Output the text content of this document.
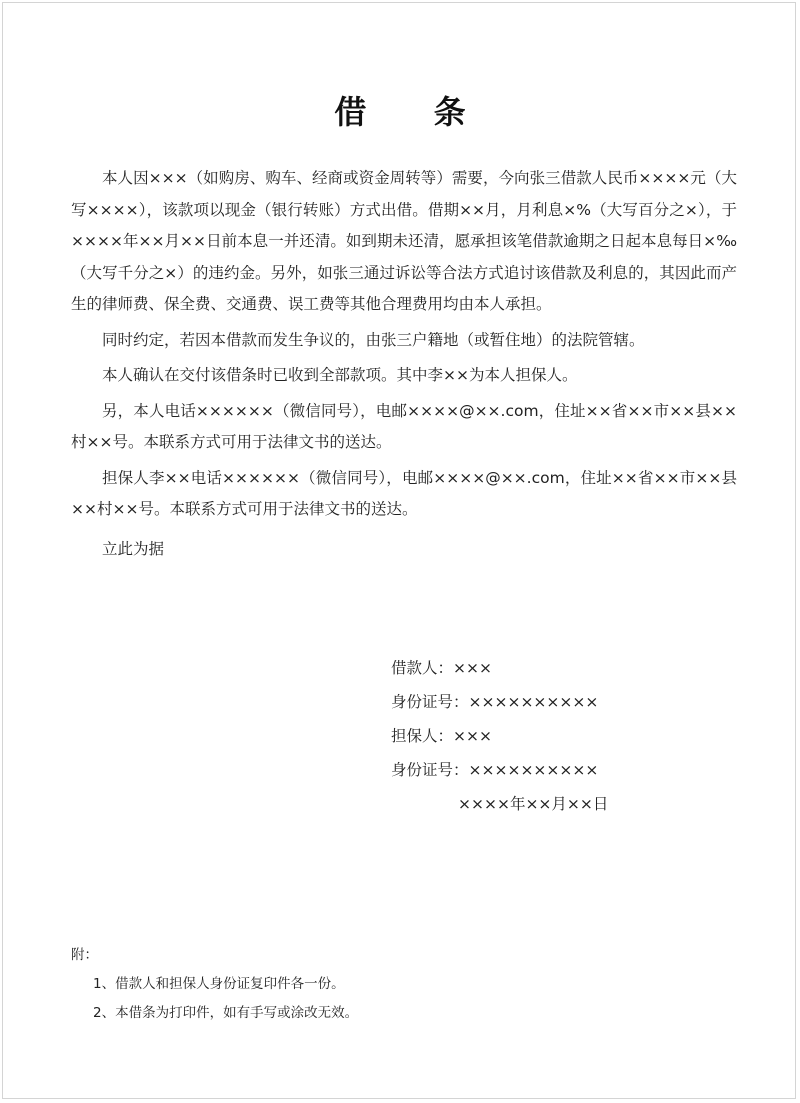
借 条

本人因×××（如购房、购车、经商或资金周转等）需要，今向张三借款人民币××××元（大写××××），该款项以现金（银行转账）方式出借。借期××月，月利息×%（大写百分之×），于××××年××月××日前本息一并还清。如到期未还清，愿承担该笔借款逾期之日起本息每日×‰（大写千分之×）的违约金。另外，如张三通过诉讼等合法方式追讨该借款及利息的，其因此而产生的律师费、保全费、交通费、误工费等其他合理费用均由本人承担。

同时约定，若因本借款而发生争议的，由张三户籍地（或暂住地）的法院管辖。

本人确认在交付该借条时已收到全部款项。其中李××为本人担保人。

另，本人电话××××××（微信同号），电邮××××@××.com，住址××省××市××县××村××号。本联系方式可用于法律文书的送达。

担保人李××电话××××××（微信同号），电邮××××@××.com，住址××省××市××县××村××号。本联系方式可用于法律文书的送达。

立此为据

借款人：×××
身份证号：××××××××××
担保人：×××
身份证号：××××××××××
××××年××月××日
附：
1、借款人和担保人身份证复印件各一份。
2、本借条为打印件，如有手写或涂改无效。
